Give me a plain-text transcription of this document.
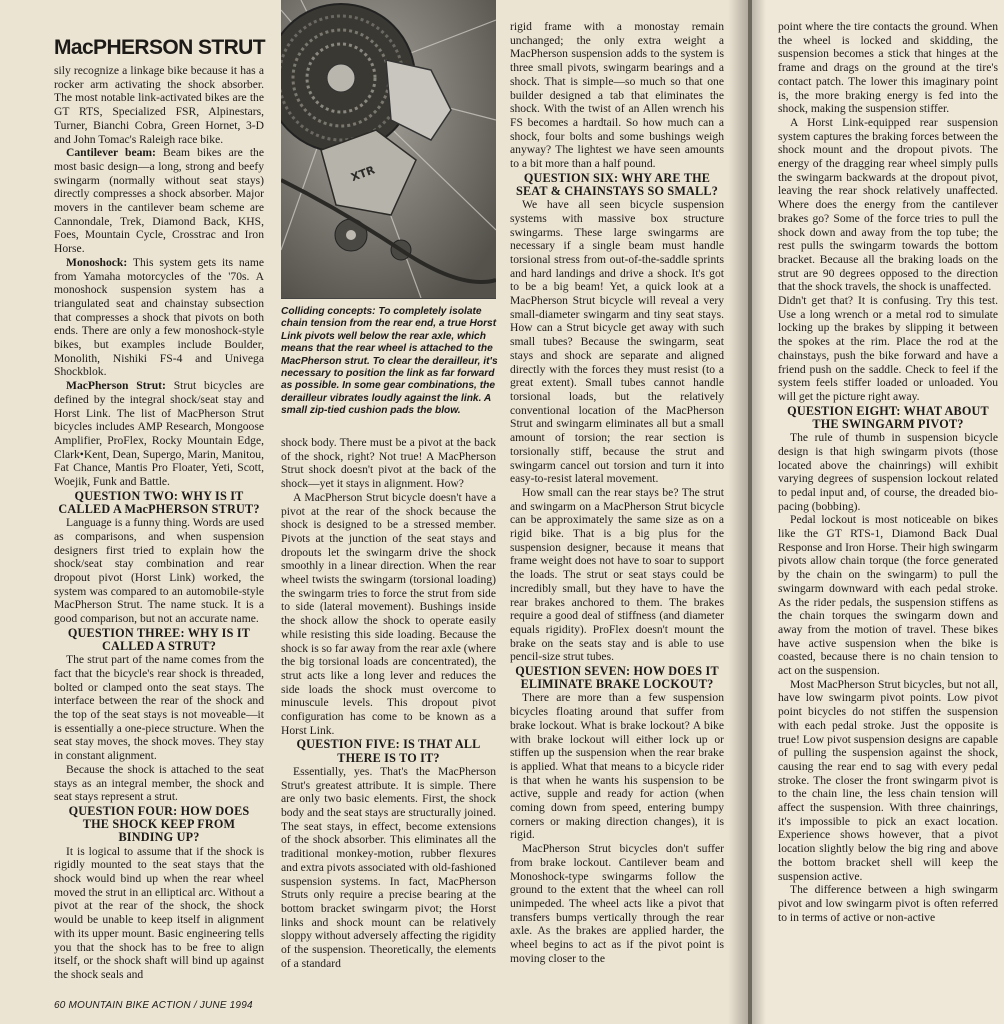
MacPHERSON STRUT

sily recognize a linkage bike because it has a rocker arm activating the shock absorber. The most notable link-activated bikes are the GT RTS, Specialized FSR, Alpinestars, Turner, Bianchi Cobra, Green Hornet, 3-D and John Tomac's Raleigh race bike.

Cantilever beam: Beam bikes are the most basic design—a long, strong and beefy swingarm (normally without seat stays) directly compresses a shock absorber. Major movers in the cantilever beam scheme are Cannondale, Trek, Diamond Back, KHS, Foes, Mountain Cycle, Crosstrac and Iron Horse.

Monoshock: This system gets its name from Yamaha motorcycles of the '70s. A monoshock suspension system has a triangulated seat and chainstay subsection that compresses a shock that pivots on both ends. There are only a few monoshock-style bikes, but examples include Boulder, Monolith, Nishiki FS-4 and Univega Shockblok.

MacPherson Strut: Strut bicycles are defined by the integral shock/seat stay and Horst Link. The list of MacPherson Strut bicycles includes AMP Research, Mongoose Amplifier, ProFlex, Rocky Mountain Edge, Clark•Kent, Dean, Supergo, Marin, Manitou, Fat Chance, Mantis Pro Floater, Yeti, Scott, Woejik, Funk and Battle.

QUESTION TWO: WHY IS IT CALLED A MacPHERSON STRUT?

Language is a funny thing. Words are used as comparisons, and when suspension designers first tried to explain how the shock/seat stay combination and rear dropout pivot (Horst Link) worked, the system was compared to an automobile-style MacPherson Strut. The name stuck. It is a good comparison, but not an accurate name.

QUESTION THREE: WHY IS IT CALLED A STRUT?

The strut part of the name comes from the fact that the bicycle's rear shock is threaded, bolted or clamped onto the seat stays. The interface between the rear of the shock and the top of the seat stays is not moveable—it is essentially a one-piece structure. When the seat stay moves, the shock moves. They stay in constant alignment.

Because the shock is attached to the seat stays as an integral member, the shock and seat stays represent a strut.

QUESTION FOUR: HOW DOES THE SHOCK KEEP FROM BINDING UP?

It is logical to assume that if the shock is rigidly mounted to the seat stays that the shock would bind up when the rear wheel moved the strut in an elliptical arc. Without a pivot at the rear of the shock, the shock would be unable to keep itself in alignment with its upper mount. Basic engineering tells you that the shock has to be free to align itself, or the shock shaft will bind up against the shock seals and

XTR
Colliding concepts: To completely isolate chain tension from the rear end, a true Horst Link pivots well below the rear axle, which means that the rear wheel is attached to the MacPherson strut. To clear the derailleur, it's necessary to position the link as far forward as possible. In some gear combinations, the derailleur vibrates loudly against the link. A small zip-tied cushion pads the blow.

shock body. There must be a pivot at the back of the shock, right? Not true! A MacPherson Strut shock doesn't pivot at the back of the shock—yet it stays in alignment. How?

A MacPherson Strut bicycle doesn't have a pivot at the rear of the shock because the shock is designed to be a stressed member. Pivots at the junction of the seat stays and dropouts let the swingarm drive the shock smoothly in a linear direction. When the rear wheel twists the swingarm (torsional loading) the swingarm tries to force the strut from side to side (lateral movement). Bushings inside the shock allow the shock to operate easily while resisting this side loading. Because the shock is so far away from the rear axle (where the big torsional loads are concentrated), the strut acts like a long lever and reduces the side loads the shock must overcome to minuscule levels. This dropout pivot configuration has come to be known as a Horst Link.

QUESTION FIVE: IS THAT ALL THERE IS TO IT?

Essentially, yes. That's the MacPherson Strut's greatest attribute. It is simple. There are only two basic elements. First, the shock body and the seat stays are structurally joined. The seat stays, in effect, become extensions of the shock absorber. This eliminates all the traditional monkey-motion, rubber flexures and extra pivots associated with old-fashioned suspension systems. In fact, MacPherson Struts only require a precise bearing at the bottom bracket swingarm pivot; the Horst links and shock mount can be relatively sloppy without adversely affecting the rigidity of the suspension. Theoretically, the elements of a standard

rigid frame with a monostay remain unchanged; the only extra weight a MacPherson suspension adds to the system is three small pivots, swingarm bearings and a shock. That is simple—so much so that one builder designed a tab that eliminates the shock. With the twist of an Allen wrench his FS becomes a hardtail. So how much can a shock, four bolts and some bushings weigh anyway? The lightest we have seen amounts to a bit more than a half pound.

QUESTION SIX: WHY ARE THE SEAT & CHAINSTAYS SO SMALL?

We have all seen bicycle suspension systems with massive box structure swingarms. These large swingarms are necessary if a single beam must handle torsional stress from out-of-the-saddle sprints and hard landings and drive a shock. It's got to be a big beam! Yet, a quick look at a MacPherson Strut bicycle will reveal a very small-diameter swingarm and tiny seat stays. How can a Strut bicycle get away with such small tubes? Because the swingarm, seat stays and shock are separate and aligned directly with the forces they must resist (to a great extent). Small tubes cannot handle torsional loads, but the relatively conventional location of the MacPherson Strut and swingarm eliminates all but a small amount of torsion; the rear section is torsionally stiff, because the strut and swingarm cancel out torsion and turn it into easy-to-resist lateral movement.

How small can the rear stays be? The strut and swingarm on a MacPherson Strut bicycle can be approximately the same size as on a rigid bike. That is a big plus for the suspension designer, because it means that frame weight does not have to soar to support the loads. The strut or seat stays could be incredibly small, but they have to have the rear brakes anchored to them. The brakes require a good deal of stiffness (and diameter equals rigidity). ProFlex doesn't mount the brake on the seats stay and is able to use pencil-size strut tubes.

QUESTION SEVEN: HOW DOES IT ELIMINATE BRAKE LOCKOUT?

There are more than a few suspension bicycles floating around that suffer from brake lockout. What is brake lockout? A bike with brake lockout will either lock up or stiffen up the suspension when the rear brake is applied. What that means to a bicycle rider is that when he wants his suspension to be active, supple and ready for action (when coming down from speed, entering bumpy corners or making direction changes), it is rigid.

MacPherson Strut bicycles don't suffer from brake lockout. Cantilever beam and Monoshock-type swingarms follow the ground to the extent that the wheel can roll unimpeded. The wheel acts like a pivot that transfers bumps vertically through the rear axle. As the brakes are applied harder, the wheel begins to act as if the pivot point is moving closer to the

60 MOUNTAIN BIKE ACTION / JUNE 1994

point where the tire contacts the ground. When the wheel is locked and skidding, the suspension becomes a stick that hinges at the frame and drags on the ground at the tire's contact patch. The lower this imaginary point is, the more braking energy is fed into the shock, making the suspension stiffer.

A Horst Link-equipped rear suspension system captures the braking forces between the shock mount and the dropout pivots. The energy of the dragging rear wheel simply pulls the swingarm backwards at the dropout pivot, leaving the rear shock relatively unaffected. Where does the energy from the cantilever brakes go? Some of the force tries to pull the shock down and away from the top tube; the rest pulls the swingarm towards the bottom bracket. Because all the braking loads on the strut are 90 degrees opposed to the direction that the shock travels, the shock is unaffected.

Didn't get that? It is confusing. Try this test. Use a long wrench or a metal rod to simulate locking up the brakes by slipping it between the spokes at the rim. Place the rod at the chainstays, push the bike forward and have a friend push on the saddle. Check to feel if the system feels stiffer loaded or unloaded. You will get the picture right away.

QUESTION EIGHT: WHAT ABOUT THE SWINGARM PIVOT?

The rule of thumb in suspension bicycle design is that high swingarm pivots (those located above the chainrings) will exhibit varying degrees of suspension lockout related to pedal input and, of course, the dreaded bio-pacing (bobbing).

Pedal lockout is most noticeable on bikes like the GT RTS-1, Diamond Back Dual Response and Iron Horse. Their high swingarm pivots allow chain torque (the force generated by the chain on the swingarm) to pull the swingarm downward with each pedal stroke. As the rider pedals, the suspension stiffens as the chain torques the swingarm down and away from the motion of travel. These bikes have active suspension when the bike is coasted, because there is no chain tension to act on the suspension.

Most MacPherson Strut bicycles, but not all, have low swingarm pivot points. Low pivot point bicycles do not stiffen the suspension with each pedal stroke. Just the opposite is true! Low pivot suspension designs are capable of pulling the suspension against the shock, causing the rear end to sag with every pedal stroke. The closer the front swingarm pivot is to the chain line, the less chain tension will affect the suspension. With three chainrings, it's impossible to pick an exact location. Experience shows however, that a pivot location slightly below the big ring and above the bottom bracket shell will keep the suspension active.

The difference between a high swingarm pivot and low swingarm pivot is often referred to in terms of active or non-active
